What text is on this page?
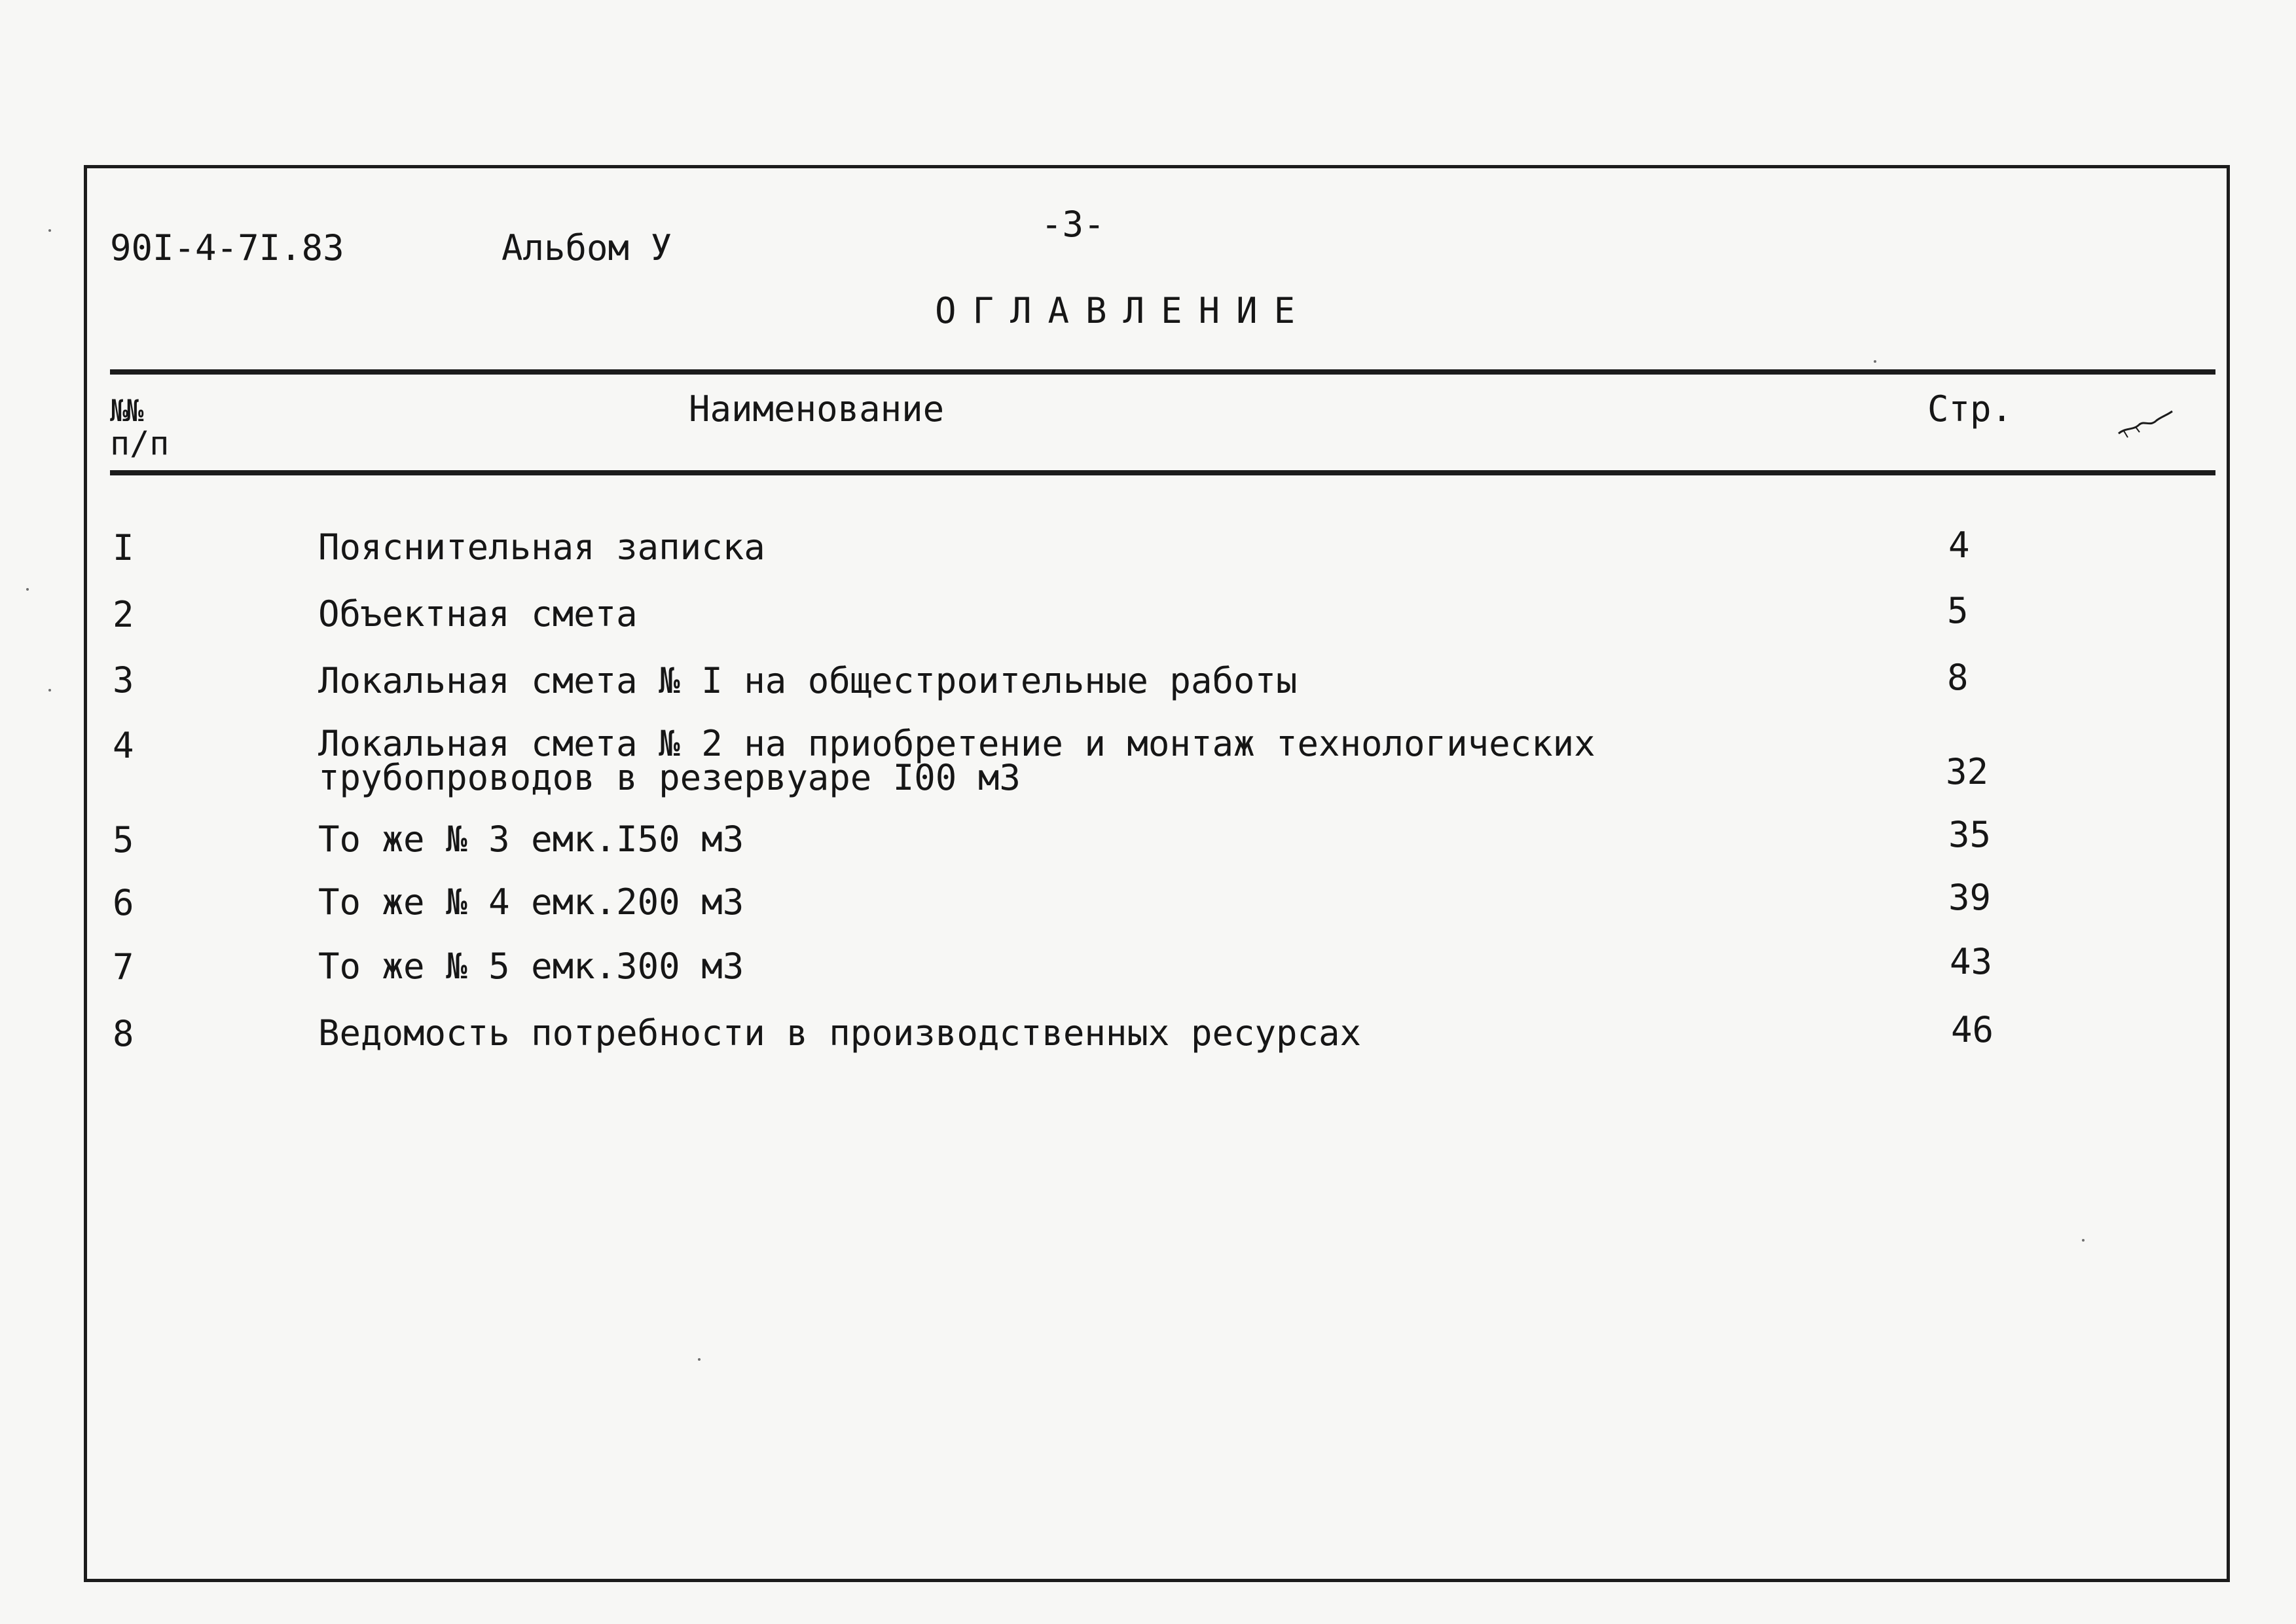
90I-4-7I.83	Альбом У
-3-
ОГЛАВЛЕНИЕ
№№
п/п
Наименование	Стр.
I	Пояснительная записка	4
2	Объектная смета	5
3	Локальная смета № I на общестроительные работы	8
4	Локальная смета № 2 на приобретение и монтаж технологических
трубопроводов в резервуаре I00 м3	32
5	То же № 3 емк.I50 м3	35
6	То же № 4 емк.200 м3	39
7	То же № 5 емк.300 м3	43
8	Ведомость потребности в производственных ресурсах	46
